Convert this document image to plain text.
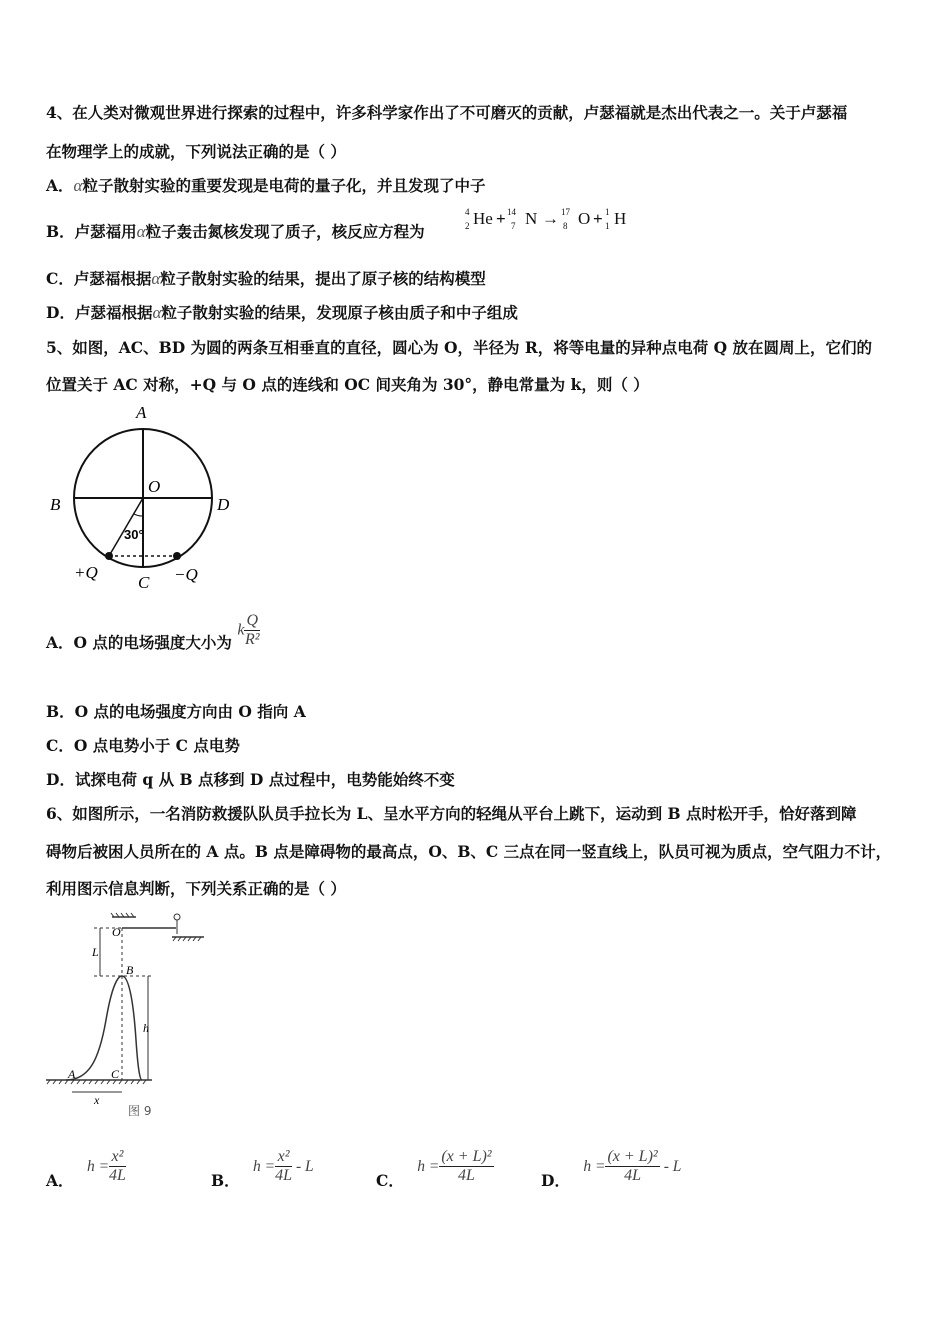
4、在人类对微观世界进行探索的过程中，许多科学家作出了不可磨灭的贡献，卢瑟福就是杰出代表之一。关于卢瑟福
在物理学上的成就，下列说法正确的是（ ）
A．α粒子散射实验的重要发现是电荷的量子化，并且发现了中子
B．卢瑟福用α粒子轰击氮核发现了质子，核反应方程为
4
2 He + 14
7 N → 17
8 O + 1
1 H
C．卢瑟福根据α粒子散射实验的结果，提出了原子核的结构模型
D．卢瑟福根据α粒子散射实验的结果，发现原子核由质子和中子组成
5、如图，AC、BD 为圆的两条互相垂直的直径，圆心为 O，半径为 R，将等电量的异种点电荷 Q 放在圆周上，它们的
位置关于 AC 对称，+Q 与 O 点的连线和 OC 间夹角为 30°，静电常量为 k，则（ ）
A
B	D
O
C
30°
+Q	−Q
A．O 点的电场强度大小为 k $\frac{Q}{\text{R²}}$
B．O 点的电场强度方向由 O 指向 A
C．O 点电势小于 C 点电势
D．试探电荷 q 从 B 点移到 D 点过程中，电势能始终不变
6、如图所示，一名消防救援队队员手拉长为 L、呈水平方向的轻绳从平台上跳下，运动到 B 点时松开手，恰好落到障
碍物后被困人员所在的 A 点。B 点是障碍物的最高点，O、B、C 三点在同一竖直线上，队员可视为质点，空气阻力不计，
利用图示信息判断，下列关系正确的是（ ）
O
L
B
h
A	C
x
图 9
A． $h = \frac{\text{x²}}{4L}$	B． $h = \frac{\text{x²}}{4L} - L$
C． $h = \frac{\text{(x + L)²}}{4L}$	D． $h = \frac{\text{(x + L)²}}{4L} - L$
